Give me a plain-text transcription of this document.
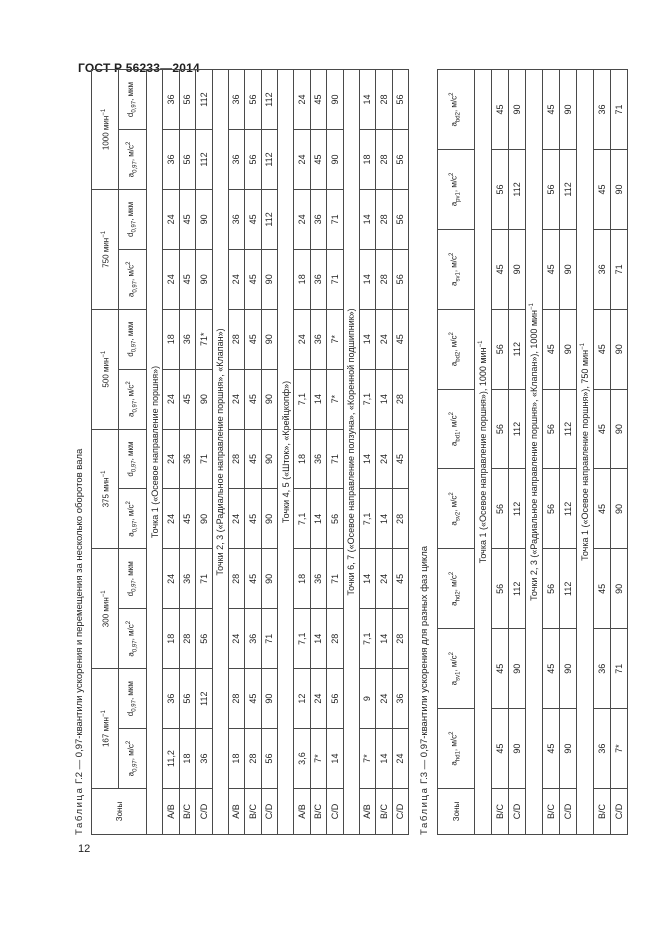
ГОСТ Р 56233—2014
12
Таблица Г.2 — 0,97-квантили ускорения и перемещения за несколько оборотов вала
Зоны	167 мин$^{-1}$		300 мин$^{-1}$		375 мин$^{-1}$		500 мин$^{-1}$		750 мин$^{-1}$		1000 мин$^{-1}$
	$a_{0,97}$, $м/с^2$	$d_{0,97}$, мкм	$a_{0,97}$, $м/с^2$	$d_{0,97}$, мкм	$a_{0,97}$, $м/с^2$	$d_{0,97}$, мкм	$a_{0,97}$, $м/с^2$	$d_{0,97}$, мкм	$a_{0,97}$, $м/с^2$	$d_{0,97}$, мкм	$a_{0,97}$, $м/с^2$	$d_{0,97}$, мкм
Точка 1 («Осевое направление поршня»)												
A/B	11,2	36	18	24	24	24	24	18	24	24	36	36
B/C	18	56	28	36	45	36	45	36	45	45	56	56
C/D	36	112	56	71	90	71	90	71*	90	90	112	112
Точки 2, 3 («Радиальное направление поршня», «Клапан»)												
A/B	18	28	24	28	24	28	24	28	24	36	36	36
B/C	28	45	36	45	45	45	45	45	45	45	56	56
C/D	56	90	71	90	90	90	90	90	90	112	112	112
Точки 4, 5 («Шток», «Крейцкопф»)												
A/B	3,6	12	7,1	18	7,1	18	7,1	24	18	24	24	24
B/C	7*	24	14	36	14	36	14	36	36	36	45	45
C/D	14	56	28	71	56	71	7*	7*	71	71	90	90
Точки 6, 7 («Осевое направление ползуна», «Коренной подшипник»)												
A/B	7*	9	7,1	14	7,1	14	7,1	14	14	14	18	14
B/C	14	24	14	24	14	24	14	24	28	28	28	28
C/D	24	36	28	45	28	45	28	45	56	56	56	56
Таблица Г.3 — 0,97-квантили ускорения для разных фаз цикла
Зоны	$a_{hd1}$, $м/с^2$	$a_{sv1}$, $м/с^2$	$a_{hd2}$, $м/с^2$	$a_{sv2}$, $м/с^2$	$a_{bd1}$, $м/с^2$	$a_{bd2}$, $м/с^2$	$a_{sv1}$, $м/с^2$	$a_{pv1}$, $м/с^2$	$a_{bd2}$, $м/с^2$
Точка 1 («Осевое направление поршня»), 1000 мин$^{-1}$
B/C	45	45	56	56	56	56	45	56	45
C/D	90	90	112	112	112	112	90	112	90
Точки 2, 3 («Радиальное направление поршня», «Клапан»), 1000 мин$^{-1}$
B/C	45	45	56	56	56	45	45	56	45
C/D	90	90	112	112	112	90	90	112	90
Точка 1 («Осевое направление поршня»), 750 мин$^{-1}$
B/C	36	36	45	45	45	45	36	45	36
C/D	7*	71	90	90	90	90	71	90	71
